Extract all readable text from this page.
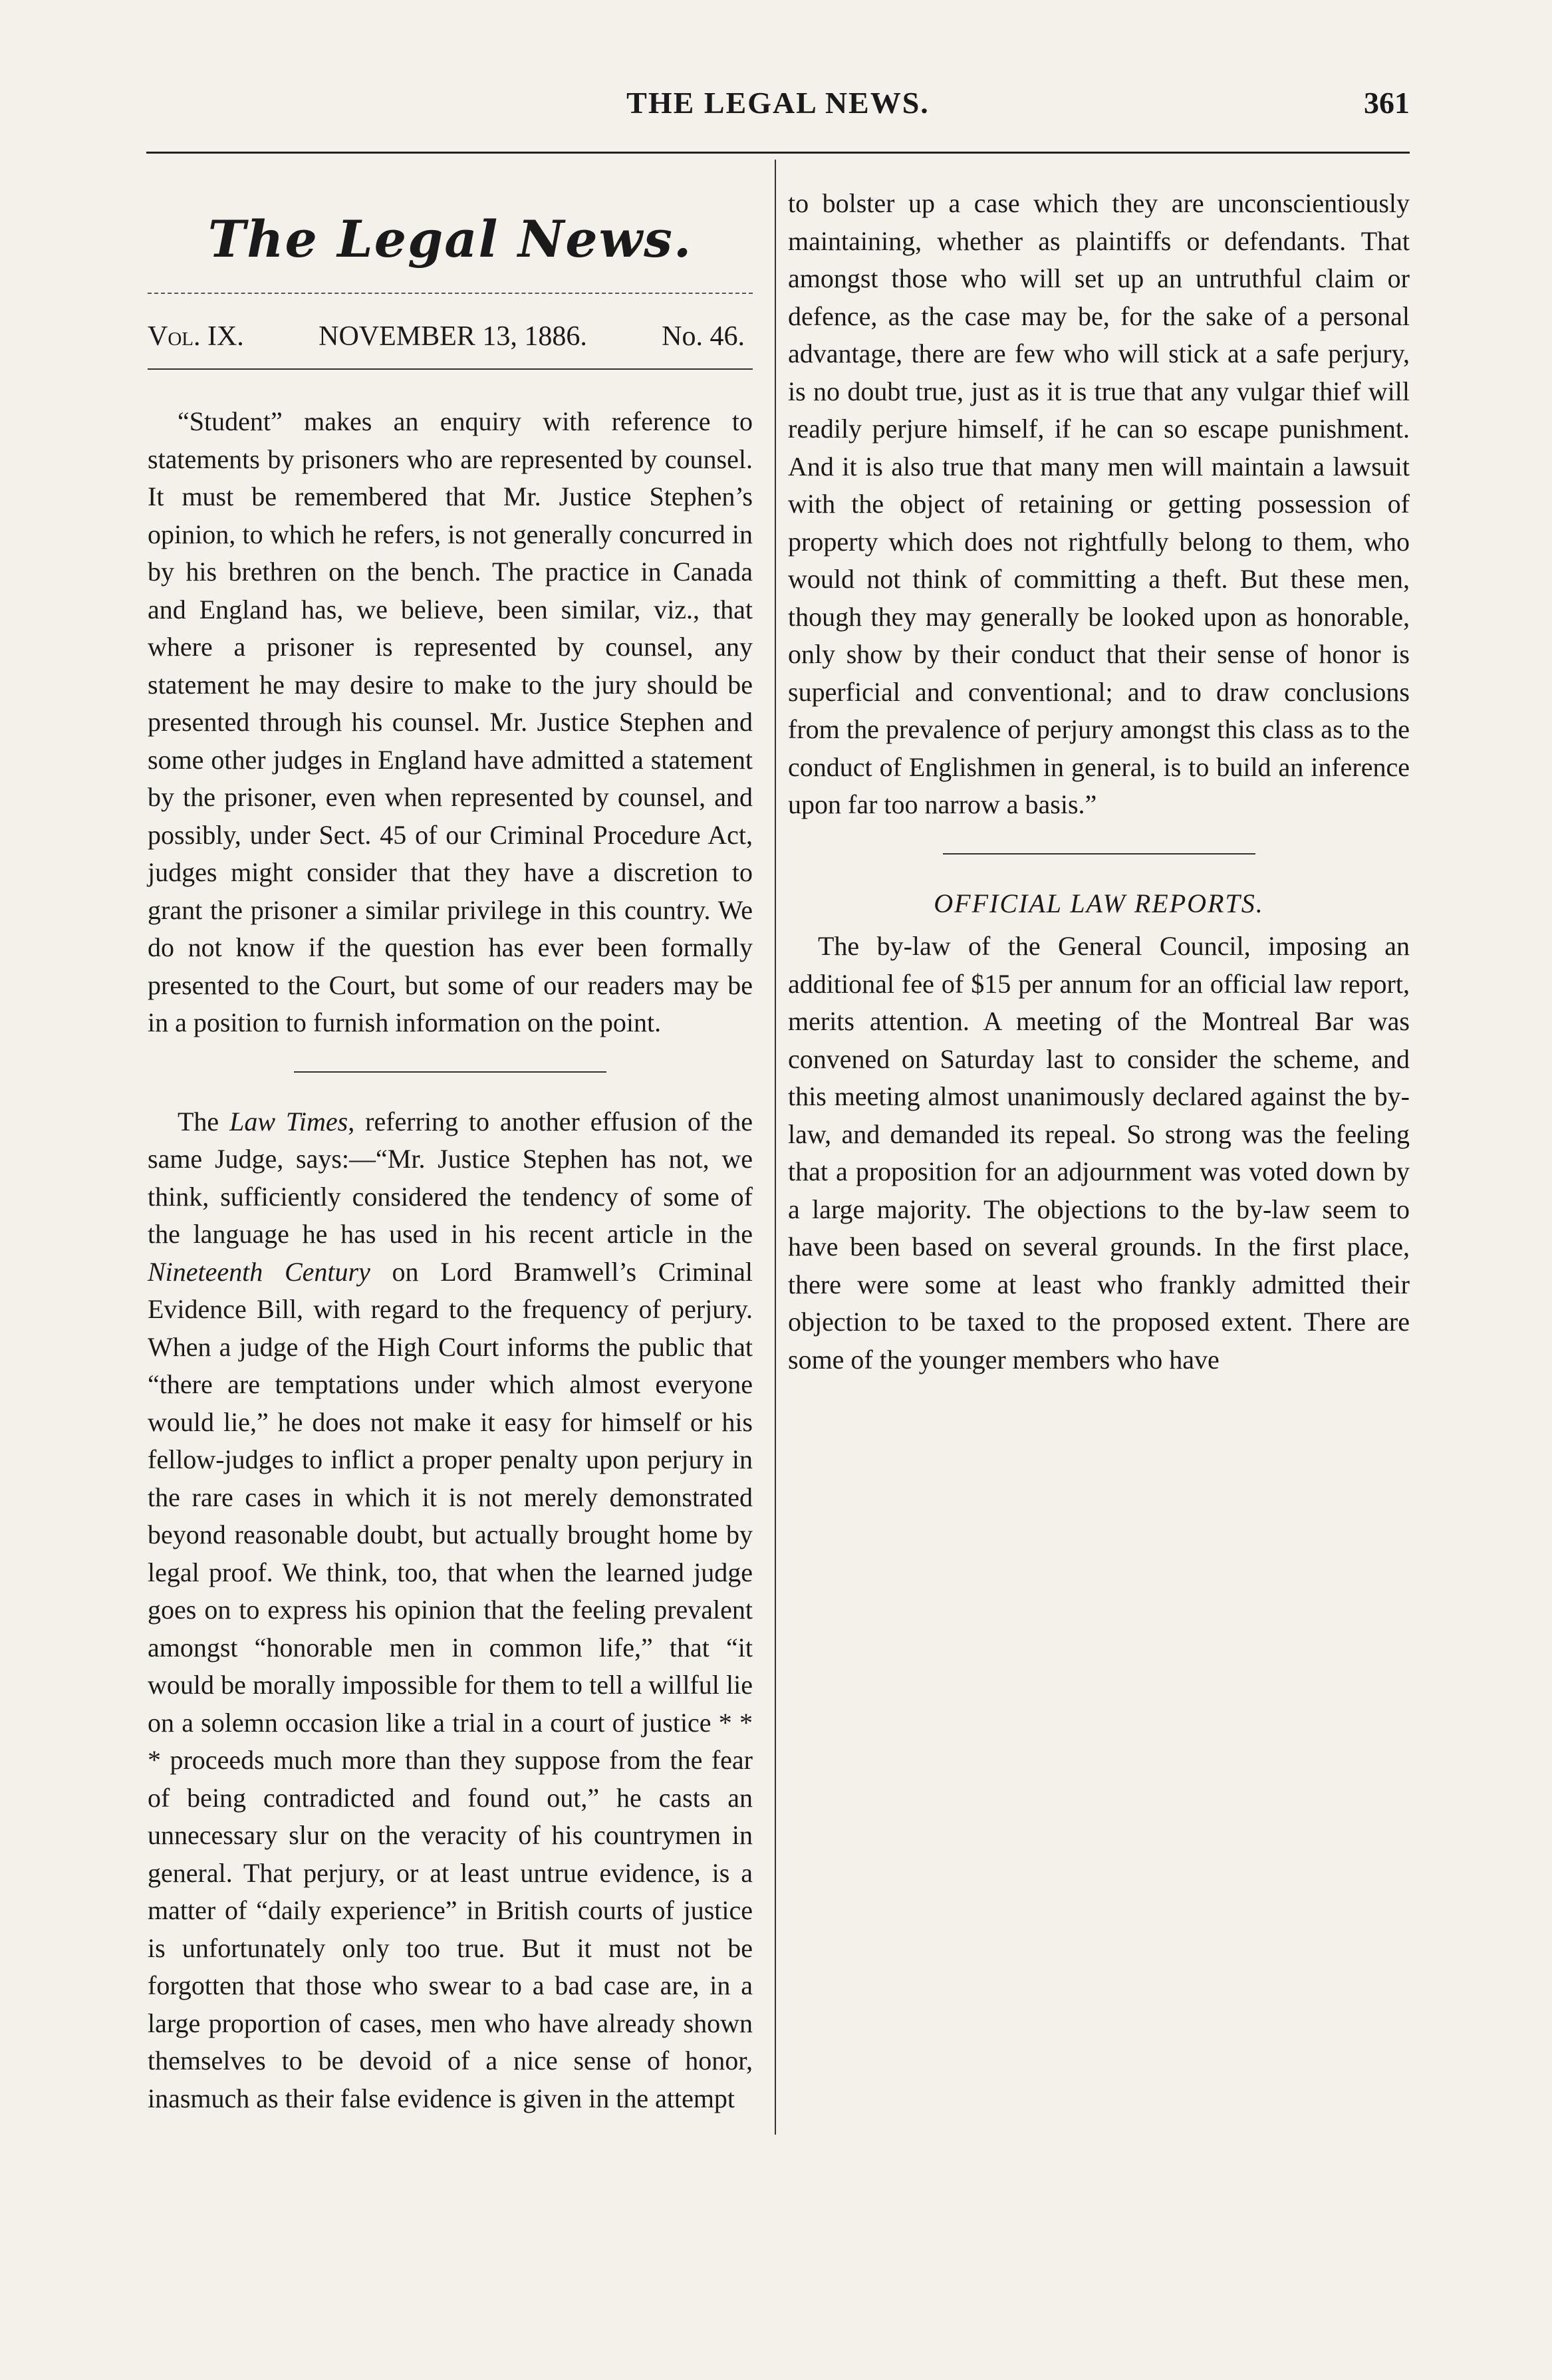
THE LEGAL NEWS.	361
The Legal News.
Vol. IX.	NOVEMBER 13, 1886.	No. 46.

“Student” makes an enquiry with reference to statements by prisoners who are represented by counsel. It must be remembered that Mr. Justice Stephen’s opinion, to which he refers, is not generally concurred in by his brethren on the bench. The practice in Canada and England has, we believe, been similar, viz., that where a prisoner is represented by counsel, any statement he may desire to make to the jury should be presented through his counsel. Mr. Justice Stephen and some other judges in England have admitted a statement by the prisoner, even when represented by counsel, and possibly, under Sect. 45 of our Criminal Procedure Act, judges might consider that they have a discretion to grant the prisoner a similar privilege in this country. We do not know if the question has ever been formally presented to the Court, but some of our readers may be in a position to furnish information on the point.

The Law Times, referring to another effusion of the same Judge, says:—“Mr. Justice Stephen has not, we think, sufficiently considered the tendency of some of the language he has used in his recent article in the Nineteenth Century on Lord Bramwell’s Criminal Evidence Bill, with regard to the frequency of perjury. When a judge of the High Court informs the public that “there are temptations under which almost everyone would lie,” he does not make it easy for himself or his fellow-judges to inflict a proper penalty upon perjury in the rare cases in which it is not merely demonstrated beyond reasonable doubt, but actually brought home by legal proof. We think, too, that when the learned judge goes on to express his opinion that the feeling prevalent amongst “honorable men in common life,” that “it would be morally impossible for them to tell a willful lie on a solemn occasion like a trial in a court of justice * * * proceeds much more than they suppose from the fear of being contradicted and found out,” he casts an unnecessary slur on the veracity of his countrymen in general. That perjury, or at least untrue evidence, is a matter of “daily experience” in British courts of justice is unfortunately only too true. But it must not be forgotten that those who swear to a bad case are, in a large proportion of cases, men who have already shown themselves to be devoid of a nice sense of honor, inasmuch as their false evidence is given in the attempt

to bolster up a case which they are unconscientiously maintaining, whether as plaintiffs or defendants. That amongst those who will set up an untruthful claim or defence, as the case may be, for the sake of a personal advantage, there are few who will stick at a safe perjury, is no doubt true, just as it is true that any vulgar thief will readily perjure himself, if he can so escape punishment. And it is also true that many men will maintain a lawsuit with the object of retaining or getting possession of property which does not rightfully belong to them, who would not think of committing a theft. But these men, though they may generally be looked upon as honorable, only show by their conduct that their sense of honor is superficial and conventional; and to draw conclusions from the prevalence of perjury amongst this class as to the conduct of Englishmen in general, is to build an inference upon far too narrow a basis.”
OFFICIAL LAW REPORTS.

The by-law of the General Council, imposing an additional fee of $15 per annum for an official law report, merits attention. A meeting of the Montreal Bar was convened on Saturday last to consider the scheme, and this meeting almost unanimously declared against the by-law, and demanded its repeal. So strong was the feeling that a proposition for an adjournment was voted down by a large majority. The objections to the by-law seem to have been based on several grounds. In the first place, there were some at least who frankly admitted their objection to be taxed to the proposed extent. There are some of the younger members who have
